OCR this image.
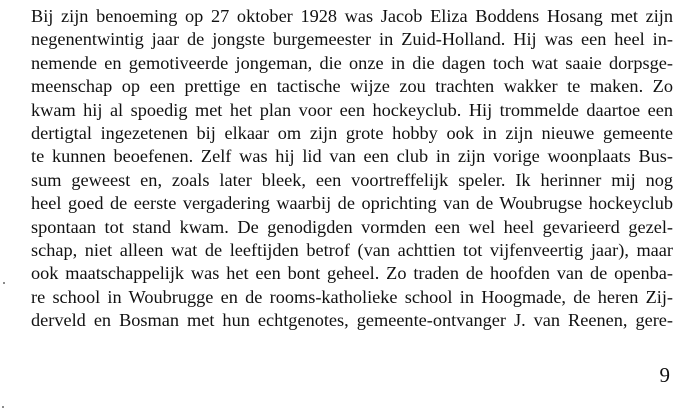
Bij zijn benoeming op 27 oktober 1928 was Jacob Eliza Boddens Hosang met zijn
negenentwintig jaar de jongste burgemeester in Zuid-Holland. Hij was een heel in-
nemende en gemotiveerde jongeman, die onze in die dagen toch wat saaie dorpsge-
meenschap op een prettige en tactische wijze zou trachten wakker te maken. Zo
kwam hij al spoedig met het plan voor een hockeyclub. Hij trommelde daartoe een
dertigtal ingezetenen bij elkaar om zijn grote hobby ook in zijn nieuwe gemeente
te kunnen beoefenen. Zelf was hij lid van een club in zijn vorige woonplaats Bus-
sum geweest en, zoals later bleek, een voortreffelijk speler. Ik herinner mij nog
heel goed de eerste vergadering waarbij de oprichting van de Woubrugse hockeyclub
spontaan tot stand kwam. De genodigden vormden een wel heel gevarieerd gezel-
schap, niet alleen wat de leeftijden betrof (van achttien tot vijfenveertig jaar), maar
ook maatschappelijk was het een bont geheel. Zo traden de hoofden van de openba-
re school in Woubrugge en de rooms-katholieke school in Hoogmade, de heren Zij-
derveld en Bosman met hun echtgenotes, gemeente-ontvanger J. van Reenen, gere-
9
